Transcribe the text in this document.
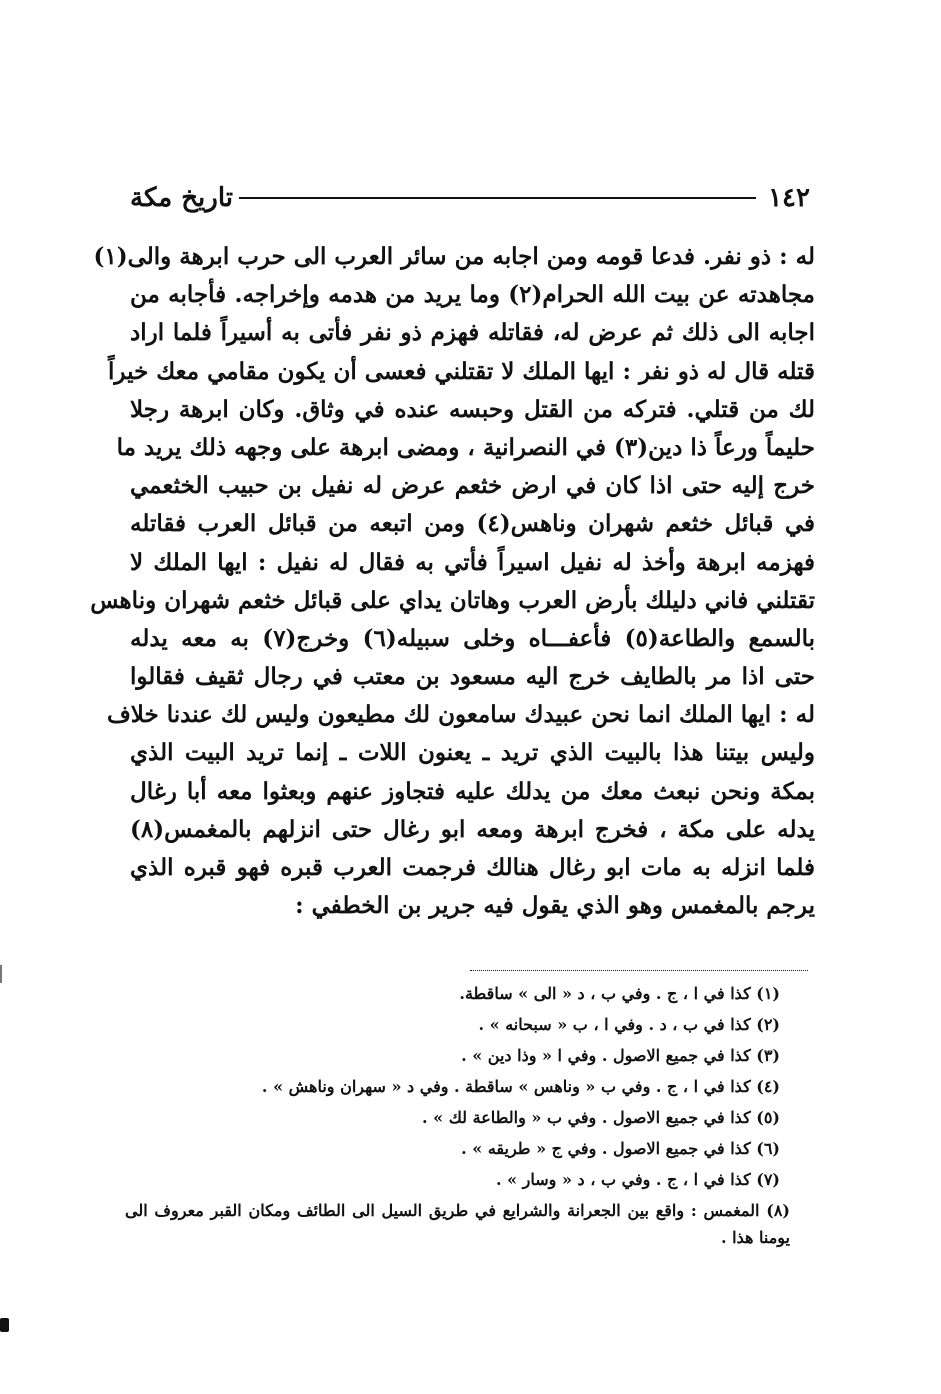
١٤٢
تاريخ مكة
له : ذو نفر. فدعا قومه ومن اجابه من سائر العرب الى حرب ابرهة والى(١)
مجاهدته عن بيت الله الحرام(٢) وما يريد من هدمه وإخراجه. فأجابه من
اجابه الى ذلك ثم عرض له، فقاتله فهزم ذو نفر فأتى به أسيراً فلما اراد
قتله قال له ذو نفر : ايها الملك لا تقتلني فعسى أن يكون مقامي معك خيراً
لك من قتلي. فتركه من القتل وحبسه عنده في وثاق. وكان ابرهة رجلا
حليماً ورعاً ذا دين(٣) في النصرانية ، ومضى ابرهة على وجهه ذلك يريد ما
خرج إليه حتى اذا كان في ارض خثعم عرض له نفيل بن حبيب الخثعمي
في قبائل خثعم شهران وناهس(٤) ومن اتبعه من قبائل العرب فقاتله
فهزمه ابرهة وأخذ له نفيل اسيراً فأتي به فقال له نفيل : ايها الملك لا
تقتلني فاني دليلك بأرض العرب وهاتان يداي على قبائل خثعم شهران وناهس
بالسمع والطاعة(٥) فأعفـــاه وخلى سبيله(٦) وخرج(٧) به معه يدله
حتى اذا مر بالطايف خرج اليه مسعود بن معتب في رجال ثقيف فقالوا
له : ايها الملك انما نحن عبيدك سامعون لك مطيعون وليس لك عندنا خلاف
وليس بيتنا هذا بالبيت الذي تريد ـ يعنون اللات ـ إنما تريد البيت الذي
بمكة ونحن نبعث معك من يدلك عليه فتجاوز عنهم وبعثوا معه أبا رغال
يدله على مكة ، فخرج ابرهة ومعه ابو رغال حتى انزلهم بالمغمس(٨)
فلما انزله به مات ابو رغال هنالك فرجمت العرب قبره فهو قبره الذي
يرجم بالمغمس وهو الذي يقول فيه جرير بن الخطفي :
(١) كذا في ا ، ج . وفي ب ، د « الى » ساقطة.
(٢) كذا في ب ، د . وفي ا ، ب « سبحانه » .
(٣) كذا في جميع الاصول . وفي ا « وذا دين » .
(٤) كذا في ا ، ج . وفي ب « وناهس » ساقطة . وفي د « سهران وناهش » .
(٥) كذا في جميع الاصول . وفي ب « والطاعة لك » .
(٦) كذا في جميع الاصول . وفي ج « طريقه » .
(٧) كذا في ا ، ج . وفي ب ، د « وسار » .
(٨) المغمس : واقع بين الجعرانة والشرايع في طريق السيل الى الطائف ومكان القبر معروف الى يومنا هذا .
